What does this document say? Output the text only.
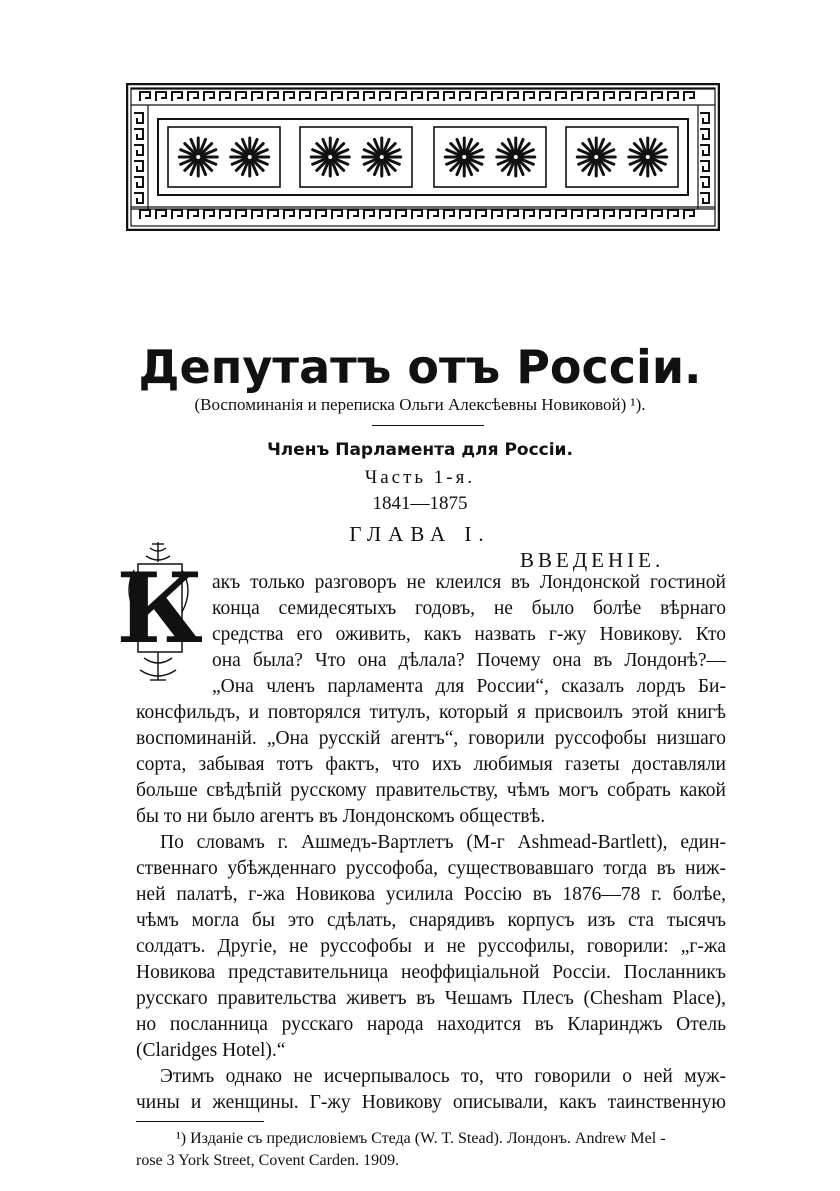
Депутатъ отъ Россіи.
(Воспоминанія и переписка Ольги Алексѣевны Новиковой) ¹).
Членъ Парламента для Россіи.
Часть 1-я.
1841—1875
ГЛАВА I.
ВВЕДЕНІЕ.
К акъ только разговоръ не клеился въ Лондонской гостиной
конца семидесятыхъ годовъ, не было болѣе вѣрнаго
средства его оживить, какъ назвать г-жу Новикову. Кто
она была? Что она дѣлала? Почему она въ Лондонѣ?—
„Она членъ парламента для России“, сказалъ лордъ Би-
консфильдъ, и повторялся титулъ, который я присвоилъ этой книгѣ
воспоминаній. „Она русскій агентъ“, говорили руссофобы низшаго
сорта, забывая тотъ фактъ, что ихъ любимыя газеты доставляли
больше свѣдѣпій русскому правительству, чѣмъ могъ собрать какой
бы то ни было агентъ въ Лондонскомъ обществѣ.
По словамъ г. Ашмедъ-Вартлетъ (М-г Ashmead-Bartlett), един-
ственнаго убѣжденнаго руссофоба, существовавшаго тогда въ ниж-
ней палатѣ, г-жа Новикова усилила Россію въ 1876—78 г. болѣе,
чѣмъ могла бы это сдѣлать, снарядивъ корпусъ изъ ста тысячъ
солдатъ. Другіе, не руссофобы и не руссофилы, говорили: „г-жа
Новикова представительница неоффиціальной Россіи. Посланникъ
русскаго правительства живетъ въ Чешамъ Плесъ (Chesham Place),
но посланница русскаго народа находится въ Кларинджъ Отель
(Claridges Hotel).“
Этимъ однако не исчерпывалось то, что говорили о ней муж-
чины и женщины. Г-жу Новикову описывали, какъ таинственную
¹) Изданіе съ предисловіемъ Стеда (W. T. Stead). Лондонъ. Andrew Mel -
rose 3 York Street, Covent Carden. 1909.
